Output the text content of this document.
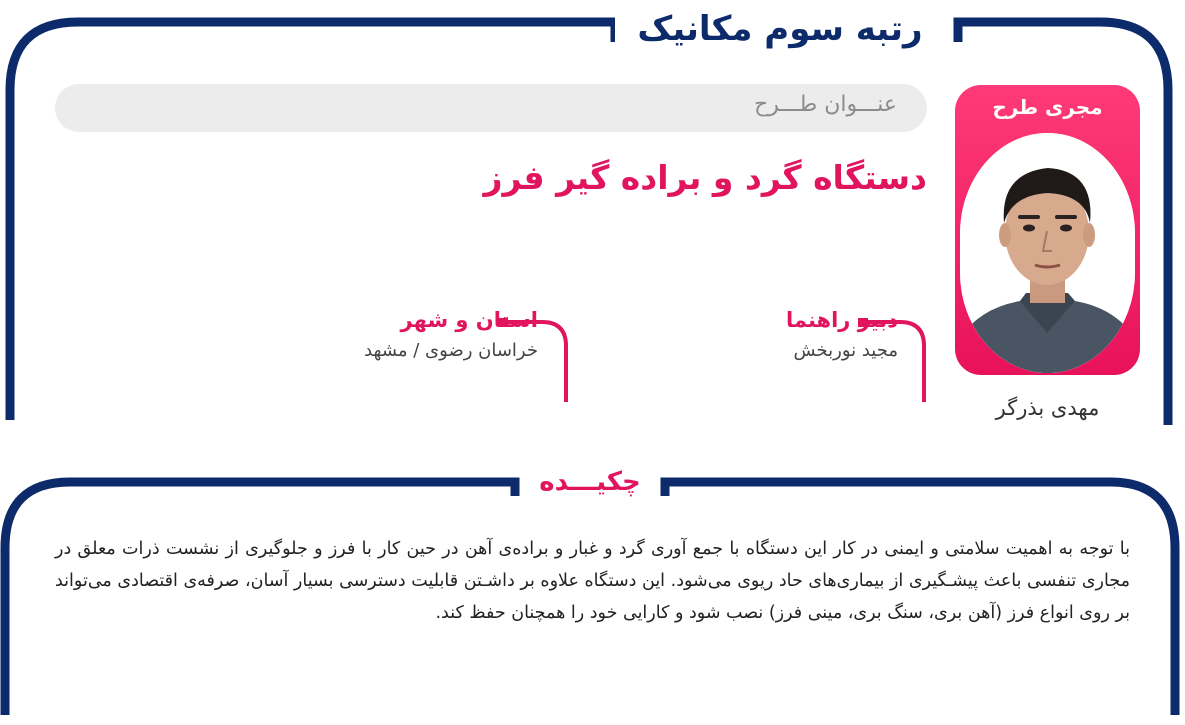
رتبه سوم مکانیک
عنـــوان طـــرح
دستگاه گرد و براده گیر فرز
مجری طرح
مهدی بذرگر
دبیر راهنما
مجید نوربخش
استان و شهر
خراسان رضوی / مشهد
چکیـــده
با توجه به اهمیت سلامتی و ایمنی در کار این دستگاه با جمع آوری گرد و غبار و براده‌ی آهن در حین کار با فرز و جلوگیری از نشست ذرات معلق در مجاری تنفسی باعث پیشـگیری از بیماری‌های حاد ریوی می‌شود. این دستگاه علاوه بر داشـتن قابلیت دسترسی بسیار آسان، صرفه‌ی اقتصادی می‌تواند بر روی انواع فرز (آهن بری، سنگ بری، مینی فرز) نصب شود و کارایی خود را همچنان حفظ کند.
